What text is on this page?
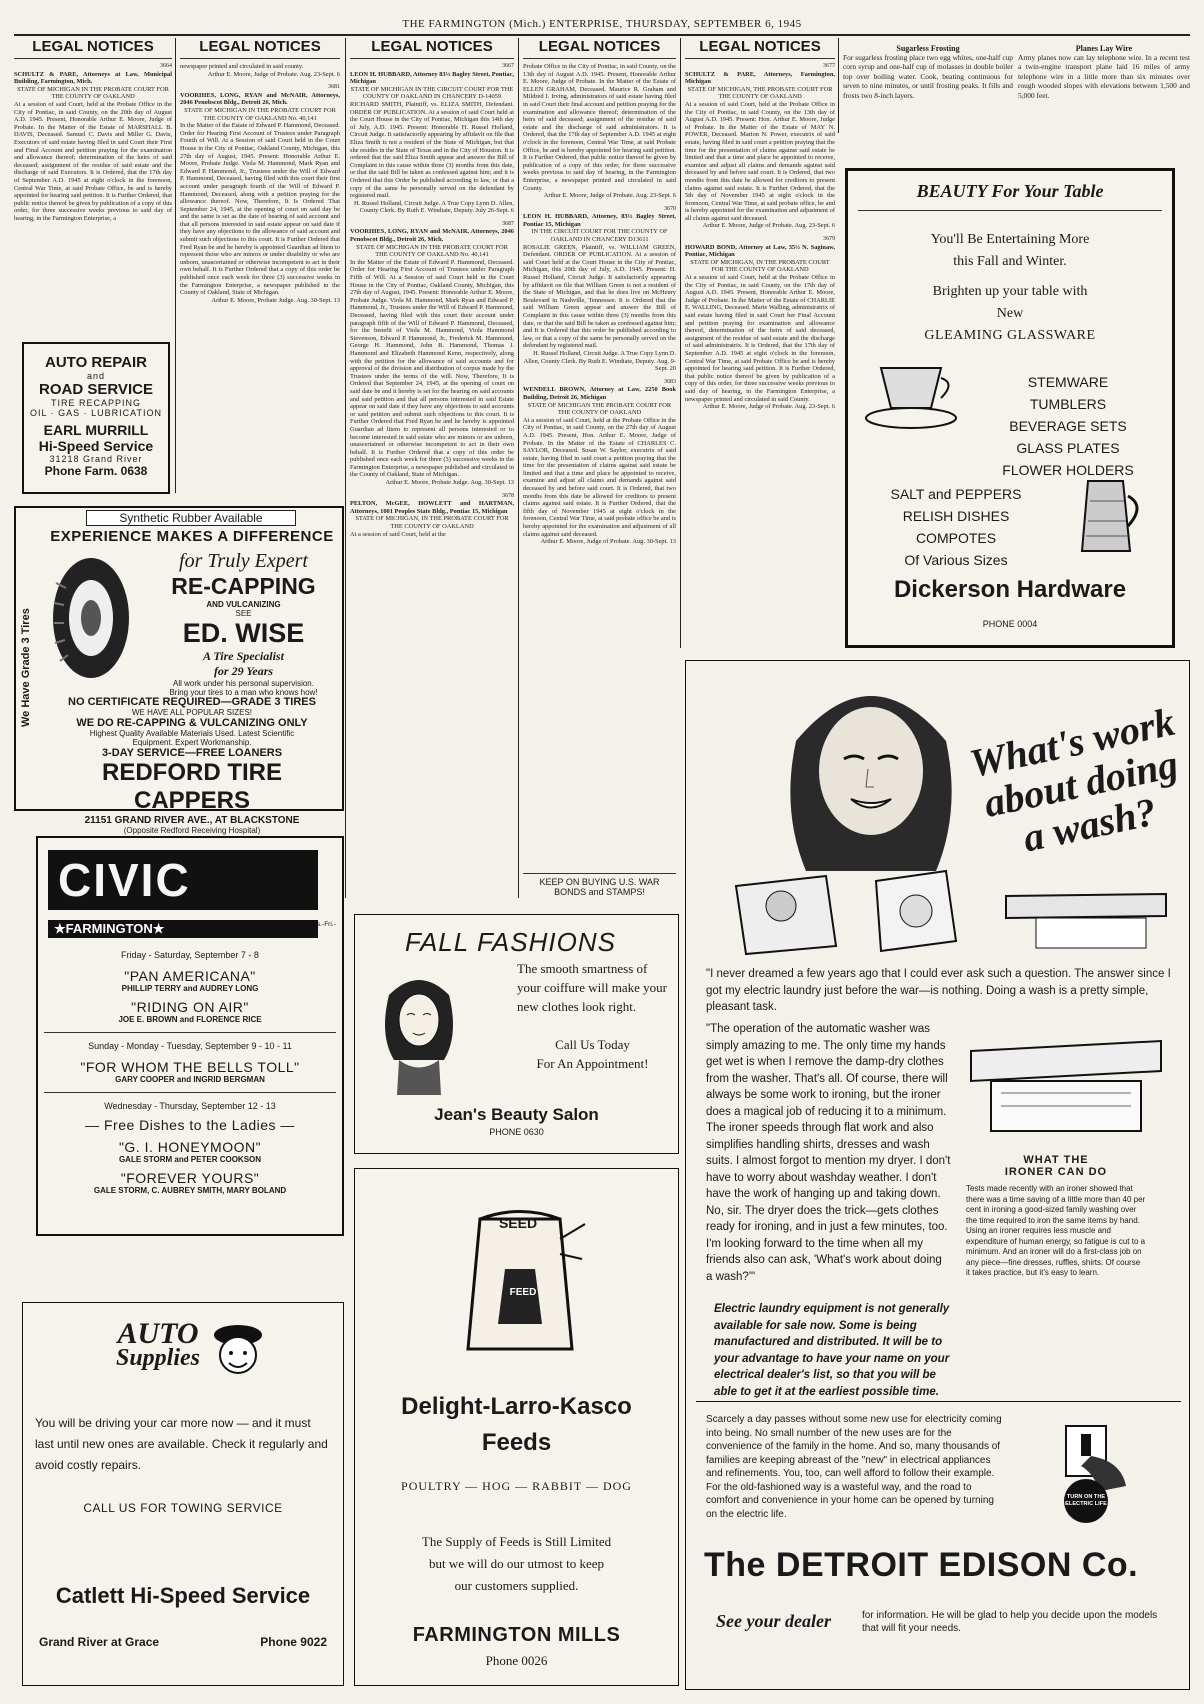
THE FARMINGTON (Mich.) ENTERPRISE, THURSDAY, SEPTEMBER 6, 1945
LEGAL NOTICES
3664
SCHULTZ & PARE, Attorneys at Law, Municipal Building, Farmington, Mich.
STATE OF MICHIGAN IN THE PROBATE COURT FOR THE COUNTY OF OAKLAND
At a session of said Court, held at the Probate Office in the City of Pontiac, in said County, on the 20th day of August A.D. 1945. Present, Honorable Arthur E. Moore, Judge of Probate. In the Matter of the Estate of MARSHALL B. DAVIS, Deceased. Samuel C. Davis and Miller G. Davis, Executors of said estate having filed in said Court their First and Final Account and petition praying for the examination and allowance thereof; determination of the heirs of said deceased; assignment of the residue of said estate and the discharge of said Executors. It is Ordered, that the 17th day of September A.D. 1945 at eight o'clock in the forenoon, Central War Time, at said Probate Office, be and is hereby appointed for hearing said petition. It is Further Ordered, that public notice thereof be given by publication of a copy of this order, for three successive weeks previous to said day of hearing, in the Farmington Enterprise, a
LEGAL NOTICES
newspaper printed and circulated in said county.
Arthur E. Moore, Judge of Probate. Aug. 23-Sept. 6
3681
VOORHIES, LONG, RYAN and McNAIR, Attorneys, 2046 Penobscot Bldg., Detroit 26, Mich.
STATE OF MICHIGAN IN THE PROBATE COURT FOR THE COUNTY OF OAKLAND No. 40,141
In the Matter of the Estate of Edward P. Hammond, Deceased. Order for Hearing First Account of Trustees under Paragraph Fourth of Will. At a Session of said Court held in the Court House in the City of Pontiac, Oakland County, Michigan, this 27th day of August, 1945. Present: Honorable Arthur E. Moore, Probate Judge. Viola M. Hammond, Mark Ryan and Edward P. Hammond, Jr., Trustees under the Will of Edward P. Hammond, Deceased, having filed with this court their first account under paragraph fourth of the Will of Edward P. Hammond, Deceased, along with a petition praying for the allowance thereof. Now, Therefore, It Is Ordered That September 24, 1945, at the opening of court on said day be and the same is set as the date of hearing of said account and that all persons interested in said estate appear on said date if they have any objections to the allowance of said account and submit such objections to this court. It is Further Ordered that Fred Ryan be and he hereby is appointed Guardian ad litem to represent those who are minors or under disability or who are unborn, unascertained or otherwise incompetent to act in their own behalf. It is Further Ordered that a copy of this order be published once each week for three (3) successive weeks in the Farmington Enterprise, a newspaper published in the County of Oakland, State of Michigan.
Arthur E. Moore, Probate Judge. Aug. 30-Sept. 13
LEGAL NOTICES
3667
LEON H. HUBBARD, Attorney 83½ Bagley Street, Pontiac, Michigan
STATE OF MICHIGAN IN THE CIRCUIT COURT FOR THE COUNTY OF OAKLAND IN CHANCERY D-14059
RICHARD SMITH, Plaintiff, vs. ELIZA SMITH, Defendant. ORDER OF PUBLICATION. At a session of said Court held at the Court House in the City of Pontiac, Michigan this 14th day of July, A.D. 1945. Present: Honorable H. Russel Holland, Circuit Judge. It satisfactorily appearing by affidavit on file that Eliza Smith is not a resident of the State of Michigan, but that she resides in the State of Texas and in the City of Houston. It is ordered that the said Eliza Smith appear and answer the Bill of Complaint in this cause within three (3) months from this date, or that the said Bill be taken as confessed against him; and it is Ordered that this Order be published according to law, or that a copy of the same be personally served on the defendant by registered mail.
H. Russel Holland, Circuit Judge. A True Copy Lynn D. Allen, County Clerk. By Ruth E. Windiate, Deputy. July 26-Sept. 6
3687
VOORHIES, LONG, RYAN and McNAIR, Attorneys, 2046 Penobscot Bldg., Detroit 26, Mich.
STATE OF MICHIGAN IN THE PROBATE COURT FOR THE COUNTY OF OAKLAND No. 40,141
In the Matter of the Estate of Edward P. Hammond, Deceased. Order for Hearing First Account of Trustees under Paragraph Fifth of Will. At a Session of said Court held in the Court House in the City of Pontiac, Oakland County, Michigan, this 27th day of August, 1945. Present: Honorable Arthur E. Moore, Probate Judge. Viola M. Hammond, Mark Ryan and Edward P. Hammond, Jr., Trustees under the Will of Edward P. Hammond, Deceased, having filed with this court their account under paragraph fifth of the Will of Edward P. Hammond, Deceased, for the benefit of Viola M. Hammond, Viola Hammond Stevenson, Edward P. Hammond, Jr., Frederick M. Hammond, George H. Hammond, John B. Hammond, Thomas J. Hammond and Elizabeth Hammond Kenn, respectively, along with the petition for the allowance of said accounts and for approval of the division and distribution of corpus made by the Trustees under the terms of the will. Now, Therefore, It is Ordered that September 24, 1945, at the opening of court on said date be and it hereby is set for the hearing on said accounts and said petition and that all persons interested in said Estate appear on said date if they have any objections to said accounts or said petition and submit such objections to this court. It is Further Ordered that Fred Ryan be and he hereby is appointed Guardian ad litem to represent all persons interested or to become interested in said estate who are minors or are unborn, unascertained or otherwise incompetent to act in their own behalf. It is Further Ordered that a copy of this order be published once each week for three (3) successive weeks in the Farmington Enterprise, a newspaper published and circulated in the County of Oakland, State of Michigan.
Arthur E. Moore, Probate Judge. Aug. 30-Sept. 13
3678
PELTON, McGEE, HOWLETT and HARTMAN, Attorneys, 1001 Peoples State Bldg., Pontiac 15, Michigan
STATE OF MICHIGAN, IN THE PROBATE COURT FOR THE COUNTY OF OAKLAND
At a session of said Court, held at the
LEGAL NOTICES
Probate Office in the City of Pontiac, in said County, on the 13th day of August A.D. 1945. Present, Honorable Arthur E. Moore, Judge of Probate. In the Matter of the Estate of ELLEN GRAHAM, Deceased. Maurice R. Graham and Mildred I. Irving, administrators of said estate having filed in said Court their final account and petition praying for the examination and allowance thereof; determination of the heirs of said deceased; assignment of the residue of said estate and the discharge of said administrators. It is Ordered, that the 17th day of September A.D. 1945 at eight o'clock in the forenoon, Central War Time, at said Probate Office, be and is hereby appointed for hearing said petition. It is Further Ordered, that public notice thereof be given by publication of a copy of this order, for three successive weeks previous to said day of hearing, in the Farmington Enterprise, a newspaper printed and circulated in said County.
Arthur E. Moore, Judge of Probate. Aug. 23-Sept. 6
3670
LEON H. HUBBARD, Attorney, 83½ Bagley Street, Pontiac 15, Michigan
IN THE CIRCUIT COURT FOR THE COUNTY OF OAKLAND IN CHANCERY D13611
ROSALIE GREEN, Plaintiff, vs. WILLIAM GREEN, Defendant. ORDER OF PUBLICATION. At a session of said Court held at the Court House in the City of Pontiac, Michigan, this 20th day of July, A.D. 1945. Present: H. Russel Holland, Circuit Judge. It satisfactorily appearing by affidavit on file that William Green is not a resident of the State of Michigan, and that he does live on McHenry Boulevard in Nashville, Tennessee. It is Ordered that the said William Green appear and answer the Bill of Complaint in this cause within three (3) months from this date, or that the said Bill be taken as confessed against him; and It is Ordered that this order be published according to law, or that a copy of the same be personally served on the defendant by registered mail.
H. Russel Holland, Circuit Judge. A True Copy Lynn D. Allen, County Clerk. By Ruth E. Windiate, Deputy. Aug. 9-Sept. 20
3683
WENDELL BROWN, Attorney at Law, 2250 Book Building, Detroit 26, Michigan
STATE OF MICHIGAN THE PROBATE COURT FOR THE COUNTY OF OAKLAND
At a session of said Court, held at the Probate Office in the City of Pontiac, in said County, on the 27th day of August A.D. 1945. Present, Hon. Arthur E. Moore, Judge of Probate. In the Matter of the Estate of CHARLES C. SAYLOR, Deceased. Susan W. Saylor, executrix of said estate, having filed in said court a petition praying that the time for the presentation of claims against said estate be limited and that a time and place be appointed to receive, examine and adjust all claims and demands against said deceased by and before said court. It is Ordered, that two months from this date be allowed for creditors to present claims against said estate. It is Further Ordered, that the fifth day of November 1945 at eight o'clock in the forenoon, Central War Time, at said probate office be and is hereby appointed for the examination and adjustment of all claims against said deceased.
Arthur E. Moore, Judge of Probate. Aug. 30-Sept. 13
KEEP ON BUYING U.S. WAR BONDS and STAMPS!
LEGAL NOTICES
3677
SCHULTZ & PARE, Attorneys, Farmington, Michigan
STATE OF MICHIGAN, THE PROBATE COURT FOR THE COUNTY OF OAKLAND
At a session of said Court, held at the Probate Office in the City of Pontiac, in said County, on the 13th day of August A.D. 1945. Present: Hon. Arthur E. Moore, Judge of Probate. In the Matter of the Estate of MAY N. POWER, Deceased. Marion N. Power, executrix of said estate, having filed in said court a petition praying that the time for the presentation of claims against said estate be limited and that a time and place be appointed to receive, examine and adjust all claims and demands against said deceased by and before said court. It is Ordered, that two months from this date be allowed for creditors to present claims against said estate. It is Further Ordered, that the 5th day of November 1945 at eight o'clock in the forenoon, Central War Time, at said probate office, be and is hereby appointed for the examination and adjustment of all claims against said deceased.
Arthur E. Moore, Judge of Probate. Aug. 23-Sept. 6
3679
HOWARD BOND, Attorney at Law, 35½ N. Saginaw, Pontiac, Michigan
STATE OF MICHIGAN, IN THE PROBATE COURT FOR THE COUNTY OF OAKLAND
At a session of said Court, held at the Probate Office in the City of Pontiac, in said County, on the 17th day of August A.D. 1945. Present, Honorable Arthur E. Moore, Judge of Probate. In the Matter of the Estate of CHARLIE E. WALLING, Deceased. Marie Walling, administratrix of said estate having filed in said Court her Final Account and petition praying for examination and allowance thereof, determination of the heirs of said deceased, assignment of the residue of said estate and the discharge of said administratrix. It is Ordered, that the 17th day of September A.D. 1945 at eight o'clock in the forenoon, Central War Time, at said Probate Office be and is hereby appointed for hearing said petition. It is Further Ordered, that public notice thereof be given by publication of a copy of this order, for three successive weeks previous to said day of hearing, in the Farmington Enterprise, a newspaper printed and circulated in said County.
Arthur E. Moore, Judge of Probate. Aug. 23-Sept. 6
Sugarless Frosting
For sugarless frosting place two egg whites, one-half cup corn syrup and one-half cup of molasses in double boiler top over boiling water. Cook, beating continuous for seven to nine minutes, or until frosting peaks. It fills and frosts two 8-inch layers.
Planes Lay Wire
Army planes now can lay telephone wire. In a recent test a twin-engine transport plane laid 16 miles of army telephone wire in a little more than six minutes over rough wooded slopes with elevations between 1,500 and 5,000 feet.
AUTO REPAIR
and
ROAD SERVICE
TIRE RECAPPING
OIL · GAS · LUBRICATION
EARL MURRILL
Hi-Speed Service
31218 Grand River
Phone Farm. 0638
We Have Grade 3 Tires
Synthetic Rubber Available
EXPERIENCE MAKES A DIFFERENCE
for Truly Expert
RE-CAPPING
AND VULCANIZING
SEE
ED. WISE
A Tire Specialist
for 29 Years
All work under his personal supervision. Bring your tires to a man who knows how!
NO CERTIFICATE REQUIRED—GRADE 3 TIRES
WE HAVE ALL POPULAR SIZES!
WE DO RE-CAPPING & VULCANIZING ONLY
Highest Quality Available Materials Used. Latest Scientific Equipment. Expert Workmanship.
3-DAY SERVICE—FREE LOANERS
REDFORD TIRE CAPPERS
21151 GRAND RIVER AVE., AT BLACKSTONE
(Opposite Redford Receiving Hospital)
CIVIC theatre
★FARMINGTON★	Phone 0444 · Latest News Wed.-Thurs.-Fri.-Sat
Friday - Saturday, September 7 - 8
"PAN AMERICANA"
PHILLIP TERRY and AUDREY LONG
"RIDING ON AIR"
JOE E. BROWN and FLORENCE RICE
Sunday - Monday - Tuesday, September 9 - 10 - 11
"FOR WHOM THE BELLS TOLL"
GARY COOPER and INGRID BERGMAN
Wednesday - Thursday, September 12 - 13
— Free Dishes to the Ladies —
"G. I. HONEYMOON"
GALE STORM and PETER COOKSON
"FOREVER YOURS"
GALE STORM, C. AUBREY SMITH, MARY BOLAND
AUTO
Supplies
You will be driving your car more now — and it must last until new ones are available. Check it regularly and avoid costly repairs.
CALL US FOR TOWING SERVICE
Catlett Hi-Speed Service
Grand River at Grace	Phone 9022
FALL FASHIONS
The smooth smartness of your coiffure will make your new clothes look right.
Call Us Today
For An Appointment!
Jean's Beauty Salon
PHONE 0630
SEED
FEED
Delight-Larro-Kasco
Feeds
POULTRY — HOG — RABBIT — DOG
The Supply of Feeds is Still Limited
but we will do our utmost to keep
our customers supplied.
FARMINGTON MILLS
Phone 0026
BEAUTY For Your Table
You'll Be Entertaining More
this Fall and Winter.
Brighten up your table with
New
GLEAMING GLASSWARE
STEMWARE
TUMBLERS
BEVERAGE SETS
GLASS PLATES
FLOWER HOLDERS
SALT and PEPPERS
RELISH DISHES
COMPOTES
Of Various Sizes
Dickerson Hardware
PHONE 0004
What's work about doing a wash?
"I never dreamed a few years ago that I could ever ask such a question. The answer since I got my electric laundry just before the war—is nothing. Doing a wash is a pretty simple, pleasant task.
"The operation of the automatic washer was simply amazing to me. The only time my hands get wet is when I remove the damp-dry clothes from the washer. That's all. Of course, there will always be some work to ironing, but the ironer does a magical job of reducing it to a minimum. The ironer speeds through flat work and also simplifies handling shirts, dresses and wash suits. I almost forgot to mention my dryer. I don't have to worry about washday weather. I don't have the work of hanging up and taking down. No, sir. The dryer does the trick—gets clothes ready for ironing, and in just a few minutes, too. I'm looking forward to the time when all my friends also can ask, 'What's work about doing a wash?'"
Electric laundry equipment is not generally available for sale now. Some is being manufactured and distributed. It will be to your advantage to have your name on your electrical dealer's list, so that you will be able to get it at the earliest possible time.
WHAT THE
IRONER CAN DO
Tests made recently with an ironer showed that there was a time saving of a little more than 40 per cent in ironing a good-sized family washing over the time required to iron the same items by hand. Using an ironer requires less muscle and expenditure of human energy, so fatigue is cut to a minimum. And an ironer will do a first-class job on any piece—fine dresses, ruffles, shirts. Of course it takes practice, but it's easy to learn.
Scarcely a day passes without some new use for electricity coming into being. No small number of the new uses are for the convenience of the family in the home. And so, many thousands of families are keeping abreast of the "new" in electrical appliances and refinements. You, too, can well afford to follow their example. For the old-fashioned way is a wasteful way, and the road to comfort and convenience in your home can be opened by turning on the electric life.
TURN ON THE ELECTRIC LIFE
The DETROIT EDISON Co.
See your dealer	for information. He will be glad to help you decide upon the models that will fit your needs.
